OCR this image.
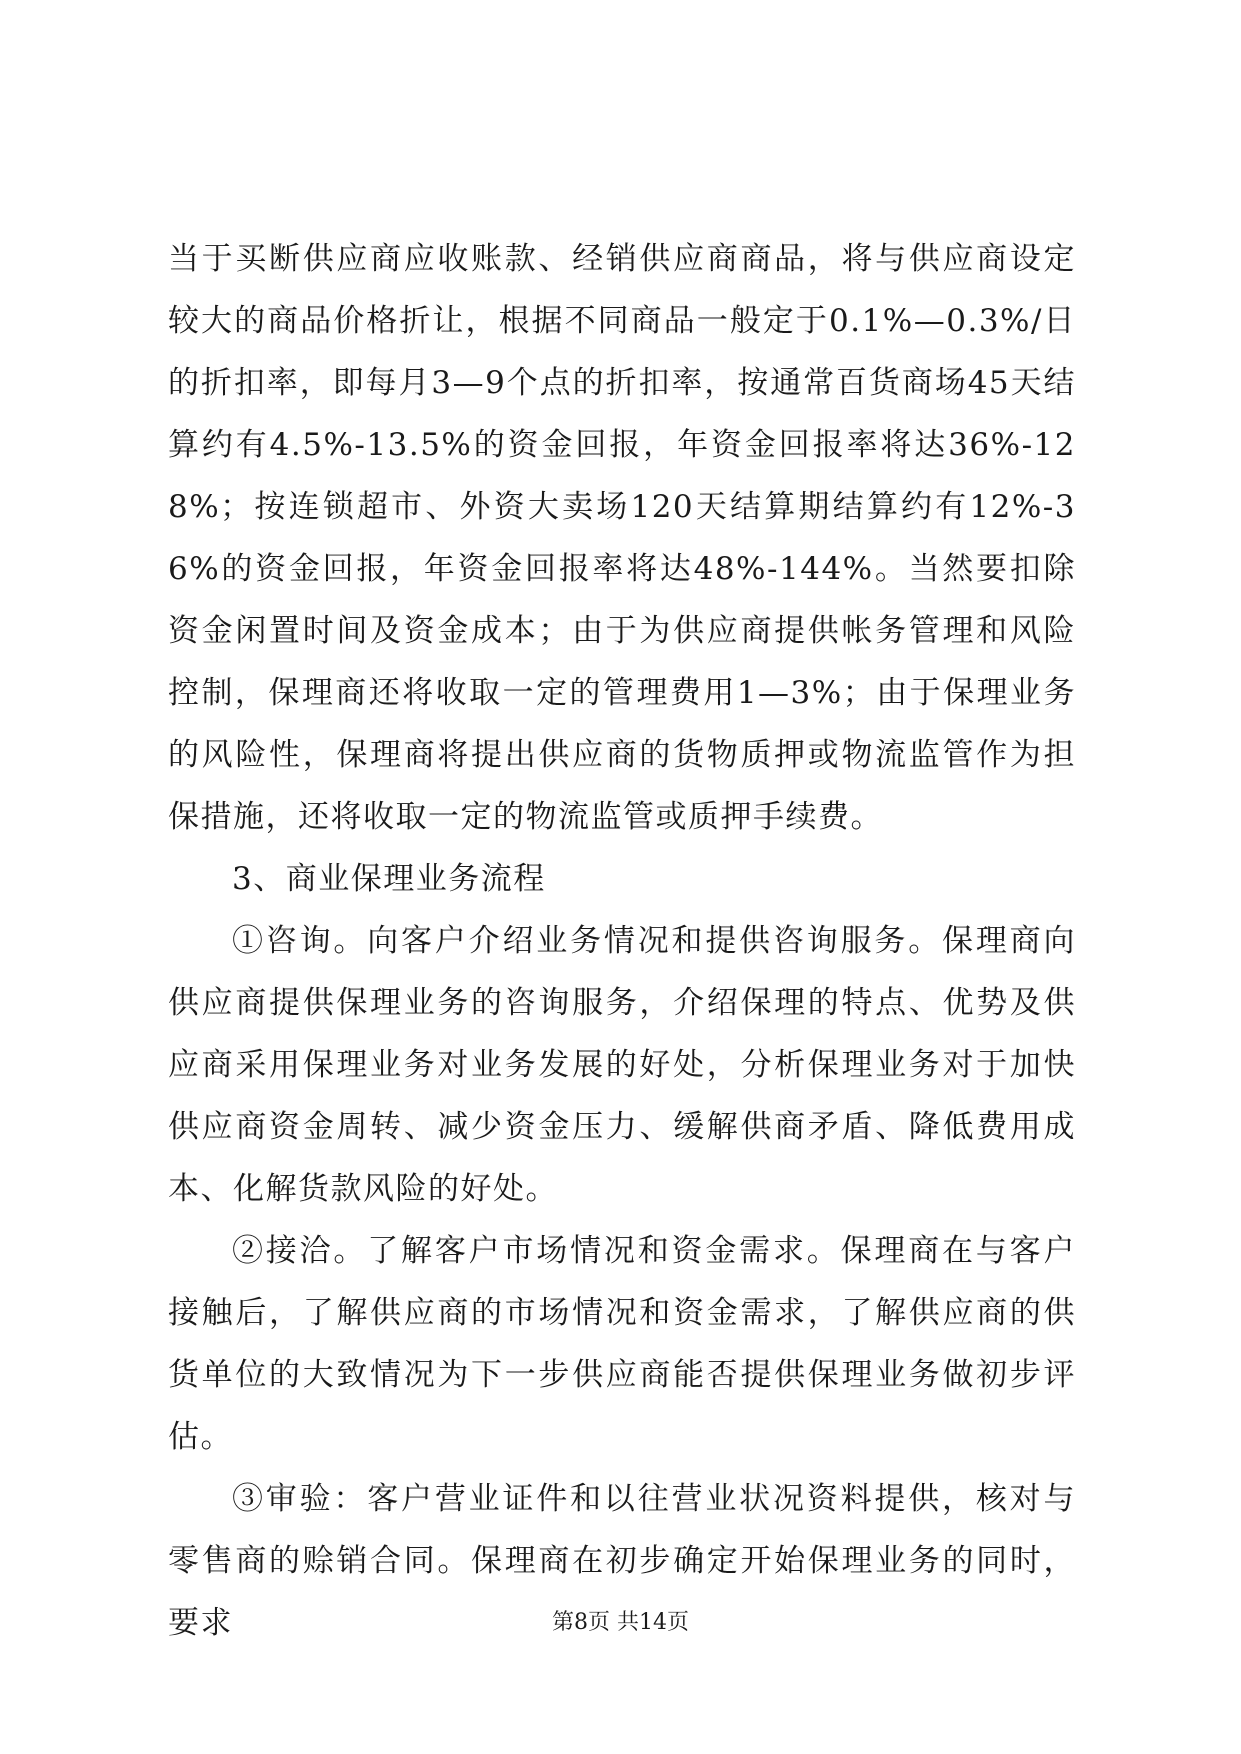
当于买断供应商应收账款、经销供应商商品，将与供应商设定较大的商品价格折让，根据不同商品一般定于0.1%—0.3%/日的折扣率，即每月3—9个点的折扣率，按通常百货商场45天结算约有4.5%-13.5%的资金回报，年资金回报率将达36%-128%；按连锁超市、外资大卖场120天结算期结算约有12%-36%的资金回报，年资金回报率将达48%-144%。当然要扣除资金闲置时间及资金成本；由于为供应商提供帐务管理和风险控制，保理商还将收取一定的管理费用1—3%；由于保理业务的风险性，保理商将提出供应商的货物质押或物流监管作为担保措施，还将收取一定的物流监管或质押手续费。

3、商业保理业务流程

①咨询。向客户介绍业务情况和提供咨询服务。保理商向供应商提供保理业务的咨询服务，介绍保理的特点、优势及供应商采用保理业务对业务发展的好处，分析保理业务对于加快供应商资金周转、减少资金压力、缓解供商矛盾、降低费用成本、化解货款风险的好处。

②接洽。了解客户市场情况和资金需求。保理商在与客户接触后，了解供应商的市场情况和资金需求，了解供应商的供货单位的大致情况为下一步供应商能否提供保理业务做初步评估。

③审验：客户营业证件和以往营业状况资料提供，核对与零售商的赊销合同。保理商在初步确定开始保理业务的同时，要求	第8页 共14页
